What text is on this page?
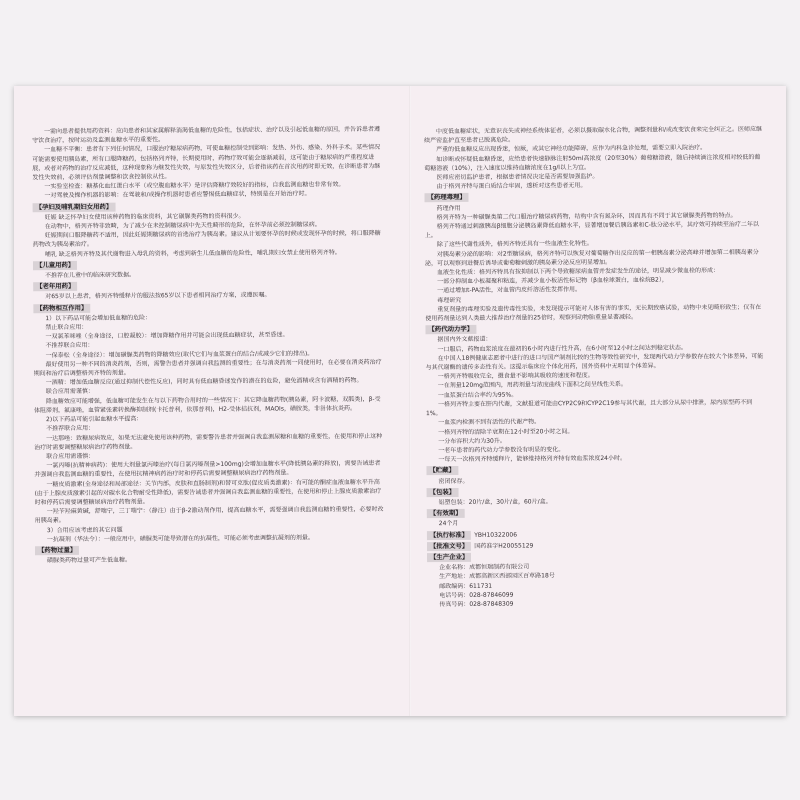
一需向患者提供用药资料：应向患者和其家属解释消渴低血糖的危险性，包括症状、治疗以及引起低血糖的原因，并告诉患者遵守饮食治疗，按时运动及监测血糖水平的重要性。

一血糖不平衡：患者有下列任何情况，口服治疗糖尿病药物，可使血糖控制受到影响：发热、外伤、感染、外科手术。某些情况可能需要使用胰岛素，所有口服降糖药，包括格列齐特，长期使用时，药物疗效可能会逐渐减弱，这可能由于糖尿病的严重程度进展，或者对药物的治疗反应减低，这种现象称为继发性失效，与原发性失效区分，后者指该药在首次用药时即无效，在诊断患者为继发性失效前，必须评估剂量调整和饮食控制依从性。

一实验室检查：糖基化血红蛋白水平（或空腹血糖水平）是评估降糖疗效较好的指标，自我监测血糖也非常有效。

一对驾驶及操作机器的影响：在驾驶和/或操作机器时患者应警惕低血糖症状，特别是在开始治疗时。

【孕妇及哺乳期妇女用药】

妊娠 缺乏怀孕妇女使用该种药物的临床资料，其它磺脲类药物的资料很少。

在动物中，格列齐特非致畸，为了减少在未控制糖尿病中先天性畸形的危险，在怀孕前必须控制糖尿病。

妊娠期间口服降糖药不适用，因此妊娠期糖尿病的首选治疗为胰岛素。建议从计划要怀孕的时候或发现怀孕的时候，将口服降糖药物改为胰岛素治疗。

哺乳 缺乏格列齐特及其代谢物进入母乳的资料，考虑到新生儿低血糖的危险性，哺乳期妇女禁止使用格列齐特。

【儿童用药】

不推荐在儿童中的临床研究数据。

【老年用药】

对65岁以上患者，格列齐特缓释片的服法按65岁以下患者相同治疗方案，或遵医嘱。

【药物相互作用】

1）以下药品可能会增加低血糖的危险：

禁止联合应用：

一双氯苯咪唑（全身途径，口腔凝胶）：增加降糖作用并可能会出现低血糖症状，甚至昏迷。

不推荐联合应用：

一保泰松（全身途径）：增加磺脲类药物的降糖效应(取代它们与血浆蛋白的结合/或减少它们的排出)。

最好使用另一种不同的消炎药剂，否则，需警告患者并强调自我监测的重要性；在与消炎药剂一同使用时，在必要在消炎药治疗期间和治疗后调整格列齐特的剂量。

一酒精：增加低血糖反应(通过抑制代偿性反应)，同时具有低血糖昏迷发作的潜在的危险，避免酒精或含有酒精的药物。

联合应用需谨慎：

降血糖效应可能增强，低血糖可能发生在与以下药物合用时的一些情况下：其它降血糖药物(胰岛素，阿卡波糖，双胍类)，β-受体阻滞剂，氟康唑，血管紧张素转换酶抑制剂(卡托普利，依那普利)，H2-受体拮抗剂，MAOIs，磺胺类，非甾体抗炎药。

2)以下药品可能引起血糖水平提高：

不推荐联合应用：

一达那唑：致糖尿病效应，如果无法避免使用该种药物，需要警告患者并强调自我监测尿糖和血糖的重要性，在使用和停止这种治疗时需要调整糖尿病治疗药物剂量。

联合应用需谨慎：

一氯丙嗪(抗精神病药)：使用大剂量氯丙嗪治疗(每日氯丙嗪剂量>100mg)会增加血糖水平(降低胰岛素的释放)，需要告诫患者并强调自我监测血糖的重要性，在使用抗精神病药治疗时和停药后需要调整糖尿病治疗药物剂量。

一糖皮质激素(全身途径和局部途径：关节内部，皮肤和直肠制剂)和替可克肽(促皮质类激素)：有可能的酮症血液血糖水平升高(由于上腺皮质激素引起的对碳水化合物耐受性降低)，需要告诫患者并强调自我监测血糖的重要性，在使用和停止上腺皮质激素治疗时和停药后需要调整糖尿病治疗药物剂量。

一羟苄羟麻黄碱，舒喘宁，三丁喘宁：（静注）由于β-2激动剂作用，提高血糖水平，需要强调自我监测血糖的重要性，必要时改用胰岛素。

3）合用应该考虑的其它问题

一抗凝剂（华法令）：一般应用中，磺脲类可能导致潜在的抗凝性，可能必须考虑调整抗凝剂的剂量。

【药物过量】

磺脲类药物过量可产生低血糖。

中度低血糖症状，无意识丧失或神经系统体征者，必须以摄取碳水化合物，调整剂量和/或改变饮食来完全纠正之。医师应继续严密监护直至患者已脱离危险。

严重的低血糖反应出现昏迷，惊厥，或其它神经功能障碍，应作为内科急诊处理，需要立即入院治疗。

如诊断或怀疑低血糖昏迷，应给患者快速静脉注射50ml高浓度（20至30%）葡萄糖溶液，随后持续滴注浓度相对较低的葡萄糖溶液（10%），注入速度以维持血糖浓度在1g/l以上为宜。

医师应密切监护患者，根据患者情况决定是否需要加强监护。

由于格列齐特与蛋白质结合牢固，透析对这些患者无用。

【药理毒理】

药理作用

格列齐特为一种磺脲类第二代口服治疗糖尿病药物，结构中含有氮杂环，因而具有不同于其它磺脲类药物的特点。

格列齐特通过刺激胰岛β细胞分泌胰岛素降低血糖水平，显著增加餐后胰岛素和C-肽分泌水平，其疗效可持续至治疗二年以上。

除了这些代谢性质外，格列齐特还具有一些血液生化特性。

对胰岛素分泌的影响：对2型糖尿病，格列齐特可以恢复对葡萄糖作出反应的第一相胰岛素分泌高峰并增加第二相胰岛素分泌，可以观察到进餐后诱导或葡萄糖刺激的胰岛素分泌反应明显增加。

血液生化性质：格列齐特具有按抑制以下两个导致糖尿病血管并发症发生的途径，明显减少微血栓的形成：

一部分抑制血小板凝聚和粘连，并减少血小板活性标记物（β血栓球蛋白，血栓烷B2），

一通过增加t-PA活性，对血管内皮纤溶活性发挥作用。

毒理研究

重复剂量的毒理实验及遗传毒性实验，未发现提示可能对人体有害的事实，无长期致癌试验，动物中未见畸形致生；仅有在使用药剂量达到人类最大推荐治疗剂量的25倍时，观察到动物胎重量显著减轻。

【药代动力学】

据国内外文献报道：

一口服后，药物血浆浓度在最初的6小时内进行性升高，在6小时至12小时之间达到稳定状态。

在中国人18例健康志愿者中进行的进口与国产制剂比较的生物等效性研究中，发现两代动力学参数存在较大个体差异，可能与其代谢酶的遗传多态性有关。这提示临床应个体化用药，国外资料中无明显个体差异。

一格列齐特吸收完全，摄食量不影响其吸收的速度和程度。

一在剂量120mg范围内，用药剂量与浓度曲线下面积之间呈线性关系。

一血浆蛋白结合率约为95%。

一格列齐特主要在肝内代谢，文献报道可能由CYP2C9和CYP2C19参与其代谢，且大部分从尿中排泄，尿内原型药不到1%。

一血浆内检测不到有活性的代谢产物。

一格列齐特的清除半衰期在12小时至20小时之间。

一分布容积大约为30升。

一老年患者的药代动力学参数没有明显的变化。

一每天一次格列齐特缓释片，能够维持格列齐特有效血浆浓度24小时。

【贮藏】

密闭保存。

【包装】

铝塑包装：20片/盒，30片/盒，60片/盒。

【有效期】

24个月

【执行标准】 YBH10322006
【批准文号】 国药准字H20055129
【生产企业】

企业名称：成都恒瑞制药有限公司

生产地址：成都高新区西部园区百草路18号

邮政编码：611731

电话号码：028-87846099

传真号码：028-87848309
